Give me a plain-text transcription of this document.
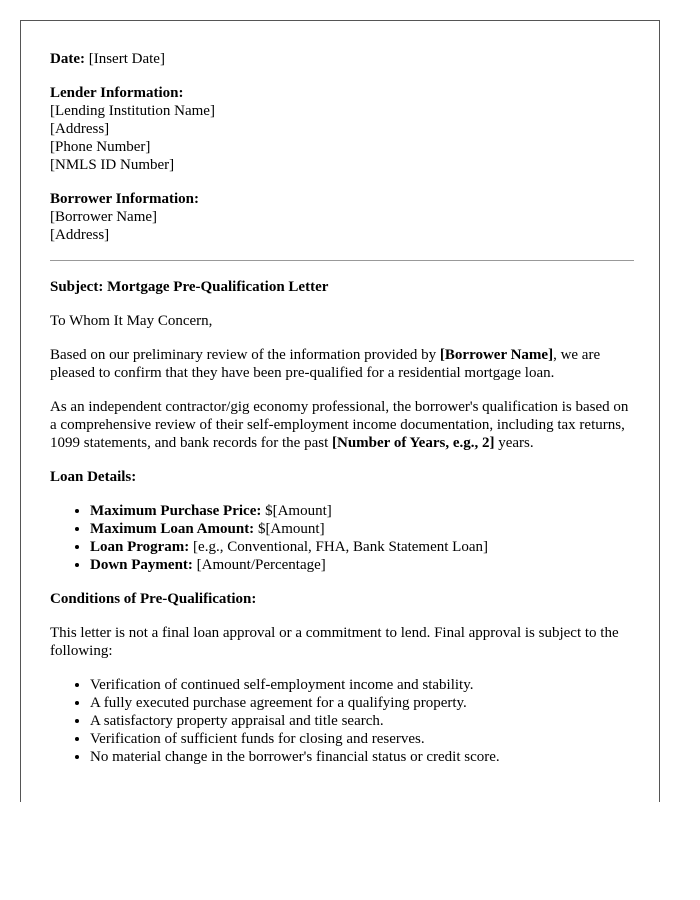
Date: [Insert Date]

Lender Information:
[Lending Institution Name]
[Address]
[Phone Number]
[NMLS ID Number]
Borrower Information:
[Borrower Name]
[Address]

Subject: Mortgage Pre-Qualification Letter

To Whom It May Concern,

Based on our preliminary review of the information provided by [Borrower Name], we are pleased to confirm that they have been pre-qualified for a residential mortgage loan.

As an independent contractor/gig economy professional, the borrower's qualification is based on a comprehensive review of their self-employment income documentation, including tax returns, 1099 statements, and bank records for the past [Number of Years, e.g., 2] years.

Loan Details:

• Maximum Purchase Price: $[Amount]
• Maximum Loan Amount: $[Amount]
• Loan Program: [e.g., Conventional, FHA, Bank Statement Loan]
• Down Payment: [Amount/Percentage]

Conditions of Pre-Qualification:

This letter is not a final loan approval or a commitment to lend. Final approval is subject to the following:

• Verification of continued self-employment income and stability.
• A fully executed purchase agreement for a qualifying property.
• A satisfactory property appraisal and title search.
• Verification of sufficient funds for closing and reserves.
• No material change in the borrower's financial status or credit score.
